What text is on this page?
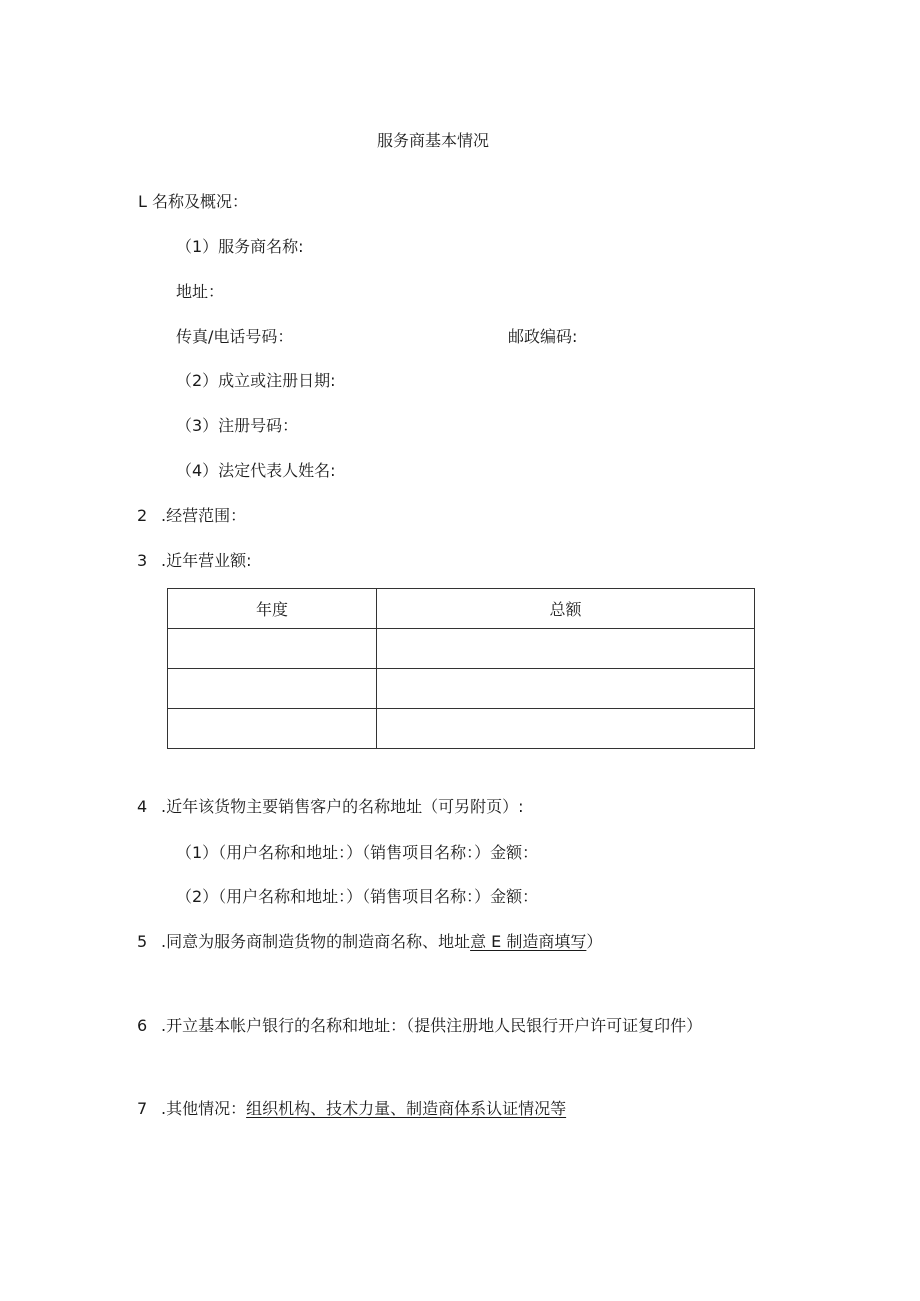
服务商基本情况
L 名称及概况：
（1）服务商名称:
地址：
传真/电话号码：	邮政编码:
（2）成立或注册日期:
（3）注册号码：
（4）法定代表人姓名:
2 .经营范围：
3 .近年营业额:
年度	总额

4 .近年该货物主要销售客户的名称地址（可另附页）:
（1）（用户名称和地址：）（销售项目名称：）金额：
（2）（用户名称和地址：）（销售项目名称：）金额：
5 .同意为服务商制造货物的制造商名称、地址意 E 制造商填写）
6 .开立基本帐户银行的名称和地址：（提供注册地人民银行开户许可证复印件）
7 .其他情况：组织机构、技术力量、制造商体系认证情况等
